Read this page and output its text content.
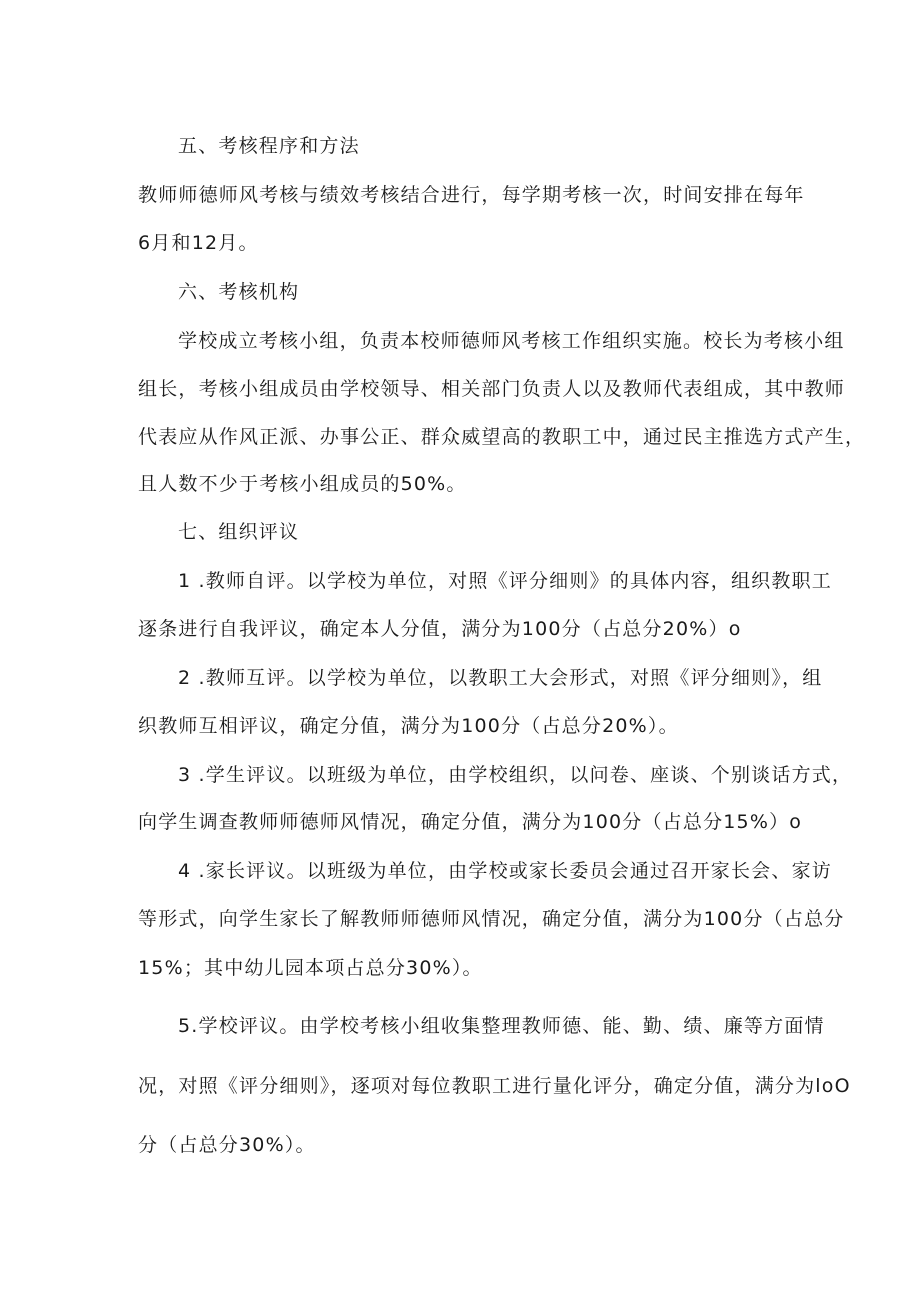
五、考核程序和方法
教师师德师风考核与绩效考核结合进行，每学期考核一次，时间安排在每年
6月和12月。
六、考核机构
学校成立考核小组，负责本校师德师风考核工作组织实施。校长为考核小组
组长，考核小组成员由学校领导、相关部门负责人以及教师代表组成，其中教师
代表应从作风正派、办事公正、群众威望高的教职工中，通过民主推选方式产生，
且人数不少于考核小组成员的50%。
七、组织评议
1 .教师自评。以学校为单位，对照《评分细则》的具体内容，组织教职工
逐条进行自我评议，确定本人分值，满分为100分（占总分20%）o
2 .教师互评。以学校为单位，以教职工大会形式，对照《评分细则》，组
织教师互相评议，确定分值，满分为100分（占总分20%）。
3 .学生评议。以班级为单位，由学校组织，以问卷、座谈、个别谈话方式，
向学生调查教师师德师风情况，确定分值，满分为100分（占总分15%）o
4 .家长评议。以班级为单位，由学校或家长委员会通过召开家长会、家访
等形式，向学生家长了解教师师德师风情况，确定分值，满分为100分（占总分
15%；其中幼儿园本项占总分30%）。
5.学校评议。由学校考核小组收集整理教师德、能、勤、绩、廉等方面情
况，对照《评分细则》，逐项对每位教职工进行量化评分，确定分值，满分为loO
分（占总分30%）。
